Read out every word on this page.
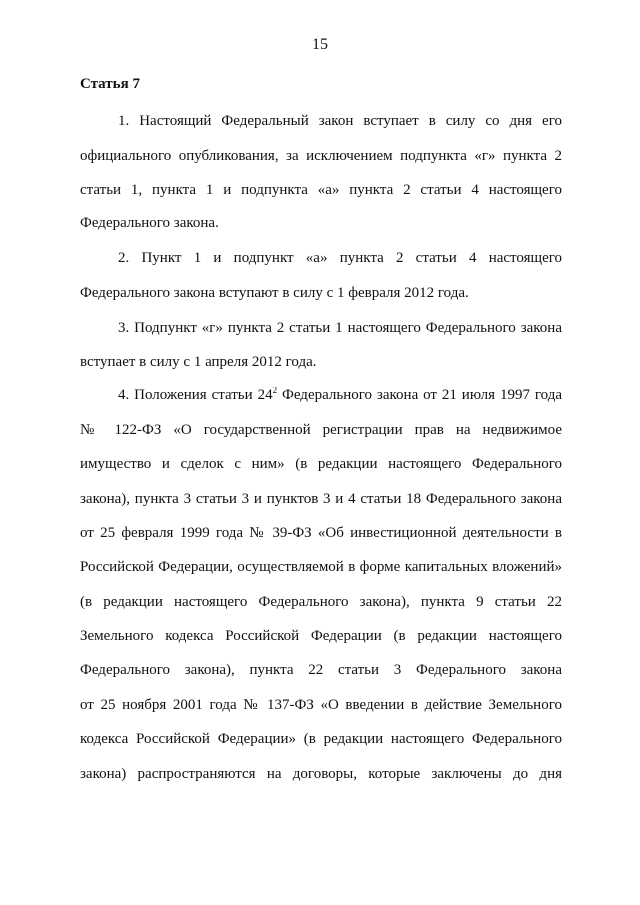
15
Статья 7
1. Настоящий Федеральный закон вступает в силу со дня его
официального опубликования, за исключением подпункта «г» пункта 2
статьи 1, пункта 1 и подпункта «а» пункта 2 статьи 4 настоящего
Федерального закона.
2. Пункт 1 и подпункт «а» пункта 2 статьи 4 настоящего
Федерального закона вступают в силу с 1 февраля 2012 года.
3. Подпункт «г» пункта 2 статьи 1 настоящего Федерального закона
вступает в силу с 1 апреля 2012 года.
4. Положения статьи $24^2$ Федерального закона от 21 июля 1997 года
№ 122-ФЗ «О государственной регистрации прав на недвижимое
имущество и сделок с ним» (в редакции настоящего Федерального
закона), пункта 3 статьи 3 и пунктов 3 и 4 статьи 18 Федерального закона
от 25 февраля 1999 года № 39-ФЗ «Об инвестиционной деятельности в
Российской Федерации, осуществляемой в форме капитальных вложений»
(в редакции настоящего Федерального закона), пункта 9 статьи 22
Земельного кодекса Российской Федерации (в редакции настоящего
Федерального закона), пункта 22 статьи 3 Федерального закона
от 25 ноября 2001 года № 137-ФЗ «О введении в действие Земельного
кодекса Российской Федерации» (в редакции настоящего Федерального
закона) распространяются на договоры, которые заключены до дня
